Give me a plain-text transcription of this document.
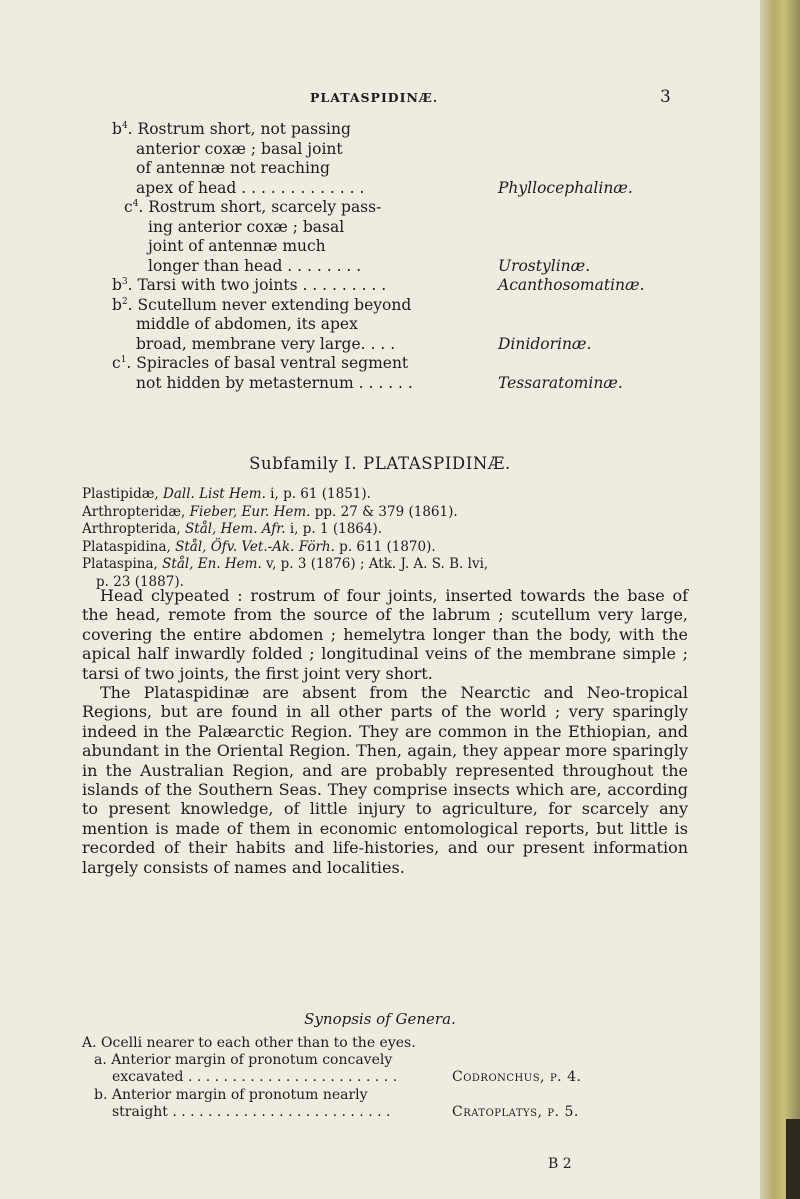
PLATASPIDINÆ.	3
$b^4$. Rostrum short, not passing
anterior coxæ ; basal joint
of antennæ not reaching
apex of head . . . . . . . . . . . . .	Phyllocephalinæ.
$c^4$. Rostrum short, scarcely pass-
ing anterior coxæ ; basal
joint of antennæ much
longer than head . . . . . . . .	Urostylinæ.
$b^3$. Tarsi with two joints . . . . . . . . .	Acanthosomatinæ.
$b^2$. Scutellum never extending beyond
middle of abdomen, its apex
broad, membrane very large. . . .	Dinidorinæ.
$c^1$. Spiracles of basal ventral segment
not hidden by metasternum . . . . . .	Tessaratominæ.
Subfamily I. PLATASPIDINÆ.
Plastipidæ, Dall. List Hem. i, p. 61 (1851).
Arthropteridæ, Fieber, Eur. Hem. pp. 27 & 379 (1861).
Arthropterida, Stål, Hem. Afr. i, p. 1 (1864).
Plataspidina, Stål, Öfv. Vet.-Ak. Förh. p. 611 (1870).
Plataspina, Stål, En. Hem. v, p. 3 (1876) ; Atk. J. A. S. B. lvi,
p. 23 (1887).

Head clypeated : rostrum of four joints, inserted towards the base of the head, remote from the source of the labrum ; scutellum very large, covering the entire abdomen ; hemelytra longer than the body, with the apical half inwardly folded ; longitudinal veins of the membrane simple ; tarsi of two joints, the first joint very short.

The Plataspidinæ are absent from the Nearctic and Neo-tropical Regions, but are found in all other parts of the world ; very sparingly indeed in the Palæarctic Region. They are common in the Ethiopian, and abundant in the Oriental Region. Then, again, they appear more sparingly in the Australian Region, and are probably represented throughout the islands of the Southern Seas. They comprise insects which are, according to present knowledge, of little injury to agriculture, for scarcely any mention is made of them in economic entomological reports, but little is recorded of their habits and life-histories, and our present information largely consists of names and localities.

Synopsis of Genera.
A. Ocelli nearer to each other than to the eyes.
a. Anterior margin of pronotum concavely
excavated . . . . . . . . . . . . . . . . . . . . . . . .	Codronchus, p. 4.
b. Anterior margin of pronotum nearly
straight . . . . . . . . . . . . . . . . . . . . . . . . .	Cratoplatys, p. 5.
B 2
